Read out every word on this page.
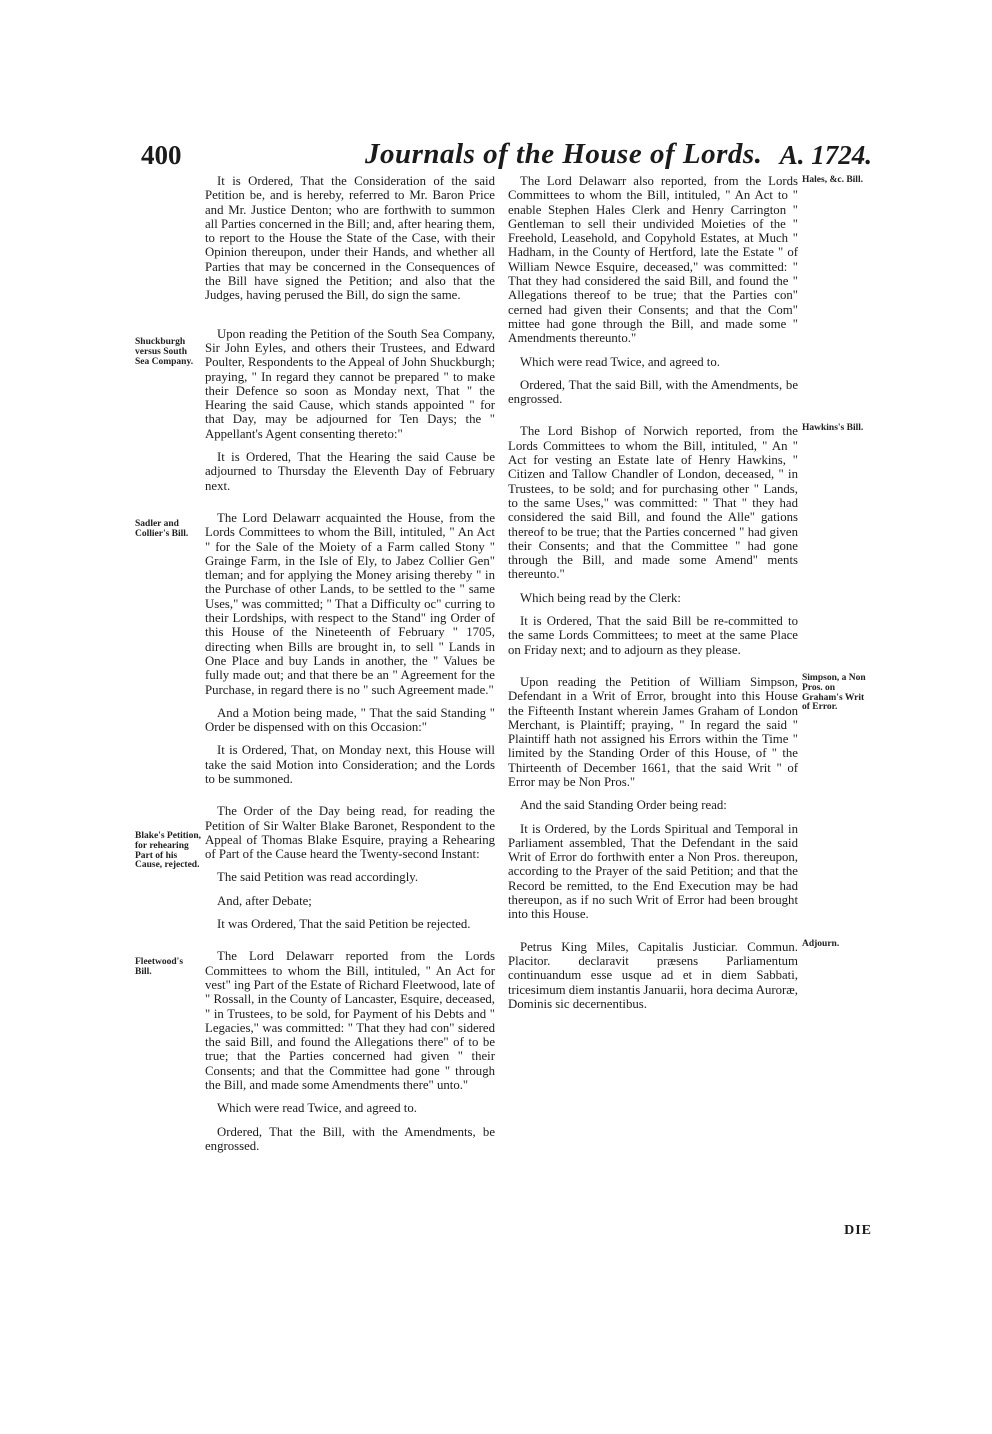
400	Journals of the House of Lords. A. 1724.
Shuckburgh versus South Sea Company.
Sadler and Collier's Bill.
Blake's Petition, for rehearing Part of his Cause, rejected.
Fleetwood's Bill.
Hales, &c. Bill.
Hawkins's Bill.
Simpson, a Non Pros. on Graham's Writ of Error.
Adjourn.

It is Ordered, That the Consideration of the said Petition be, and is hereby, referred to Mr. Baron Price and Mr. Justice Denton; who are forthwith to summon all Parties concerned in the Bill; and, after hearing them, to report to the House the State of the Case, with their Opinion thereupon, under their Hands, and whether all Parties that may be concerned in the Consequences of the Bill have signed the Petition; and also that the Judges, having perused the Bill, do sign the same.

Upon reading the Petition of the South Sea Company, Sir John Eyles, and others their Trustees, and Edward Poulter, Respondents to the Appeal of John Shuckburgh; praying, " In regard they cannot be prepared " to make their Defence so soon as Monday next, That " the Hearing the said Cause, which stands appointed " for that Day, may be adjourned for Ten Days; the " Appellant's Agent consenting thereto:"

It is Ordered, That the Hearing the said Cause be adjourned to Thursday the Eleventh Day of February next.

The Lord Delawarr acquainted the House, from the Lords Committees to whom the Bill, intituled, " An Act " for the Sale of the Moiety of a Farm called Stony " Grainge Farm, in the Isle of Ely, to Jabez Collier Gen" tleman; and for applying the Money arising thereby " in the Purchase of other Lands, to be settled to the " same Uses," was committed; " That a Difficulty oc" curring to their Lordships, with respect to the Stand" ing Order of this House of the Nineteenth of February " 1705, directing when Bills are brought in, to sell " Lands in One Place and buy Lands in another, the " Values be fully made out; and that there be an " Agreement for the Purchase, in regard there is no " such Agreement made."

And a Motion being made, " That the said Standing " Order be dispensed with on this Occasion:"

It is Ordered, That, on Monday next, this House will take the said Motion into Consideration; and the Lords to be summoned.

The Order of the Day being read, for reading the Petition of Sir Walter Blake Baronet, Respondent to the Appeal of Thomas Blake Esquire, praying a Rehearing of Part of the Cause heard the Twenty-second Instant:

The said Petition was read accordingly.

And, after Debate;

It was Ordered, That the said Petition be rejected.

The Lord Delawarr reported from the Lords Committees to whom the Bill, intituled, " An Act for vest" ing Part of the Estate of Richard Fleetwood, late of " Rossall, in the County of Lancaster, Esquire, deceased, " in Trustees, to be sold, for Payment of his Debts and " Legacies," was committed: " That they had con" sidered the said Bill, and found the Allegations there" of to be true; that the Parties concerned had given " their Consents; and that the Committee had gone " through the Bill, and made some Amendments there" unto."

Which were read Twice, and agreed to.

Ordered, That the Bill, with the Amendments, be engrossed.

The Lord Delawarr also reported, from the Lords Committees to whom the Bill, intituled, " An Act to " enable Stephen Hales Clerk and Henry Carrington " Gentleman to sell their undivided Moieties of the " Freehold, Leasehold, and Copyhold Estates, at Much " Hadham, in the County of Hertford, late the Estate " of William Newce Esquire, deceased," was committed: " That they had considered the said Bill, and found the " Allegations thereof to be true; that the Parties con" cerned had given their Consents; and that the Com" mittee had gone through the Bill, and made some " Amendments thereunto."

Which were read Twice, and agreed to.

Ordered, That the said Bill, with the Amendments, be engrossed.

The Lord Bishop of Norwich reported, from the Lords Committees to whom the Bill, intituled, " An " Act for vesting an Estate late of Henry Hawkins, " Citizen and Tallow Chandler of London, deceased, " in Trustees, to be sold; and for purchasing other " Lands, to the same Uses," was committed: " That " they had considered the said Bill, and found the Alle" gations thereof to be true; that the Parties concerned " had given their Consents; and that the Committee " had gone through the Bill, and made some Amend" ments thereunto."

Which being read by the Clerk:

It is Ordered, That the said Bill be re-committed to the same Lords Committees; to meet at the same Place on Friday next; and to adjourn as they please.

Upon reading the Petition of William Simpson, Defendant in a Writ of Error, brought into this House the Fifteenth Instant wherein James Graham of London Merchant, is Plaintiff; praying, " In regard the said " Plaintiff hath not assigned his Errors within the Time " limited by the Standing Order of this House, of " the Thirteenth of December 1661, that the said Writ " of Error may be Non Pros."

And the said Standing Order being read:

It is Ordered, by the Lords Spiritual and Temporal in Parliament assembled, That the Defendant in the said Writ of Error do forthwith enter a Non Pros. thereupon, according to the Prayer of the said Petition; and that the Record be remitted, to the End Execution may be had thereupon, as if no such Writ of Error had been brought into this House.

Petrus King Miles, Capitalis Justiciar. Commun. Placitor. declaravit præsens Parliamentum continuandum esse usque ad et in diem Sabbati, tricesimum diem instantis Januarii, hora decima Auroræ, Dominis sic decernentibus.

DIE
